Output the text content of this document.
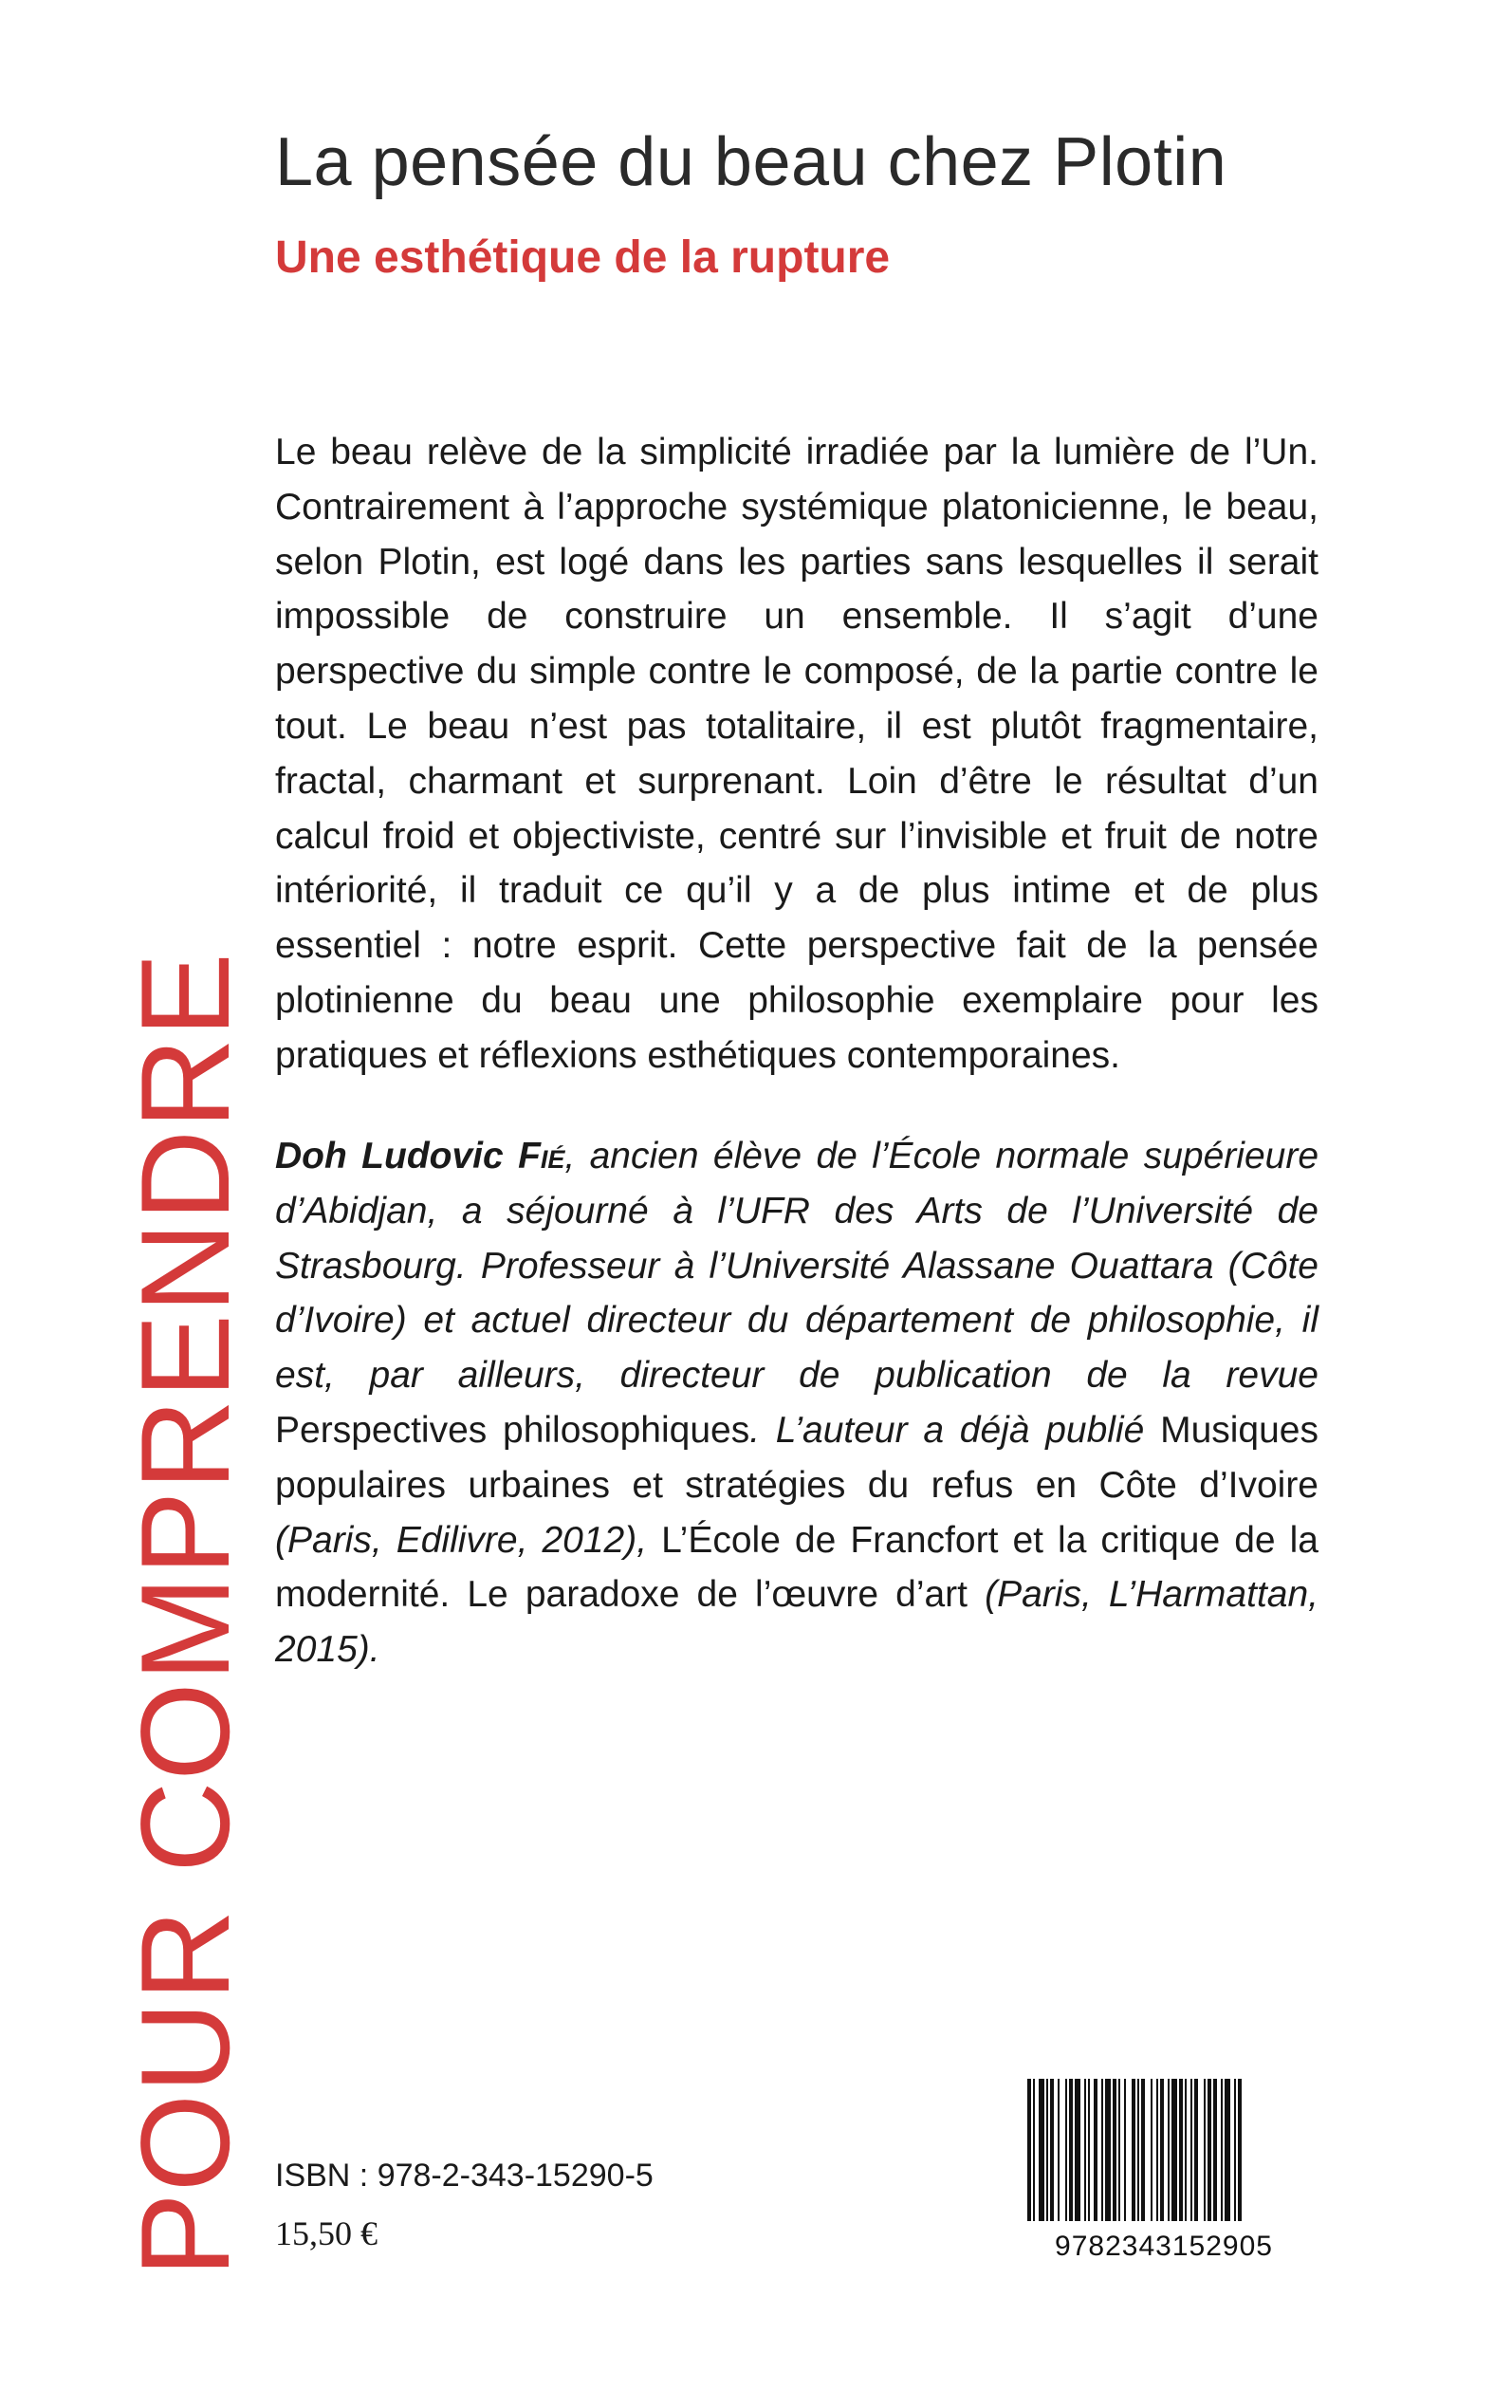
La pensée du beau chez Plotin
Une esthétique de la rupture

Le beau relève de la simplicité irradiée par la lumière de l’Un. Contrairement à l’approche systémique platonicienne, le beau, selon Plotin, est logé dans les parties sans lesquelles il serait impossible de construire un ensemble. Il s’agit d’une perspective du simple contre le composé, de la partie contre le tout. Le beau n’est pas totalitaire, il est plutôt fragmentaire, fractal, charmant et surprenant. Loin d’être le résultat d’un calcul froid et objectiviste, centré sur l’invisible et fruit de notre intériorité, il traduit ce qu’il y a de plus intime et de plus essentiel : notre esprit. Cette perspective fait de la pensée plotinienne du beau une philosophie exemplaire pour les pratiques et réflexions esthétiques contemporaines.

Doh Ludovic Fié, ancien élève de l’École normale supérieure d’Abidjan, a séjourné à l’UFR des Arts de l’Université de Strasbourg. Professeur à l’Université Alassane Ouattara (Côte d’Ivoire) et actuel directeur du département de philosophie, il est, par ailleurs, directeur de publication de la revue Perspectives philosophiques. L’auteur a déjà publié Musiques populaires urbaines et stratégies du refus en Côte d’Ivoire (Paris, Edilivre, 2012), L’École de Francfort et la critique de la modernité. Le paradoxe de l’œuvre d’art (Paris, L’Harmattan, 2015).

POUR COMPRENDRE ISBN : 978-2-343-15290-5
15,50 €	9782343152905
